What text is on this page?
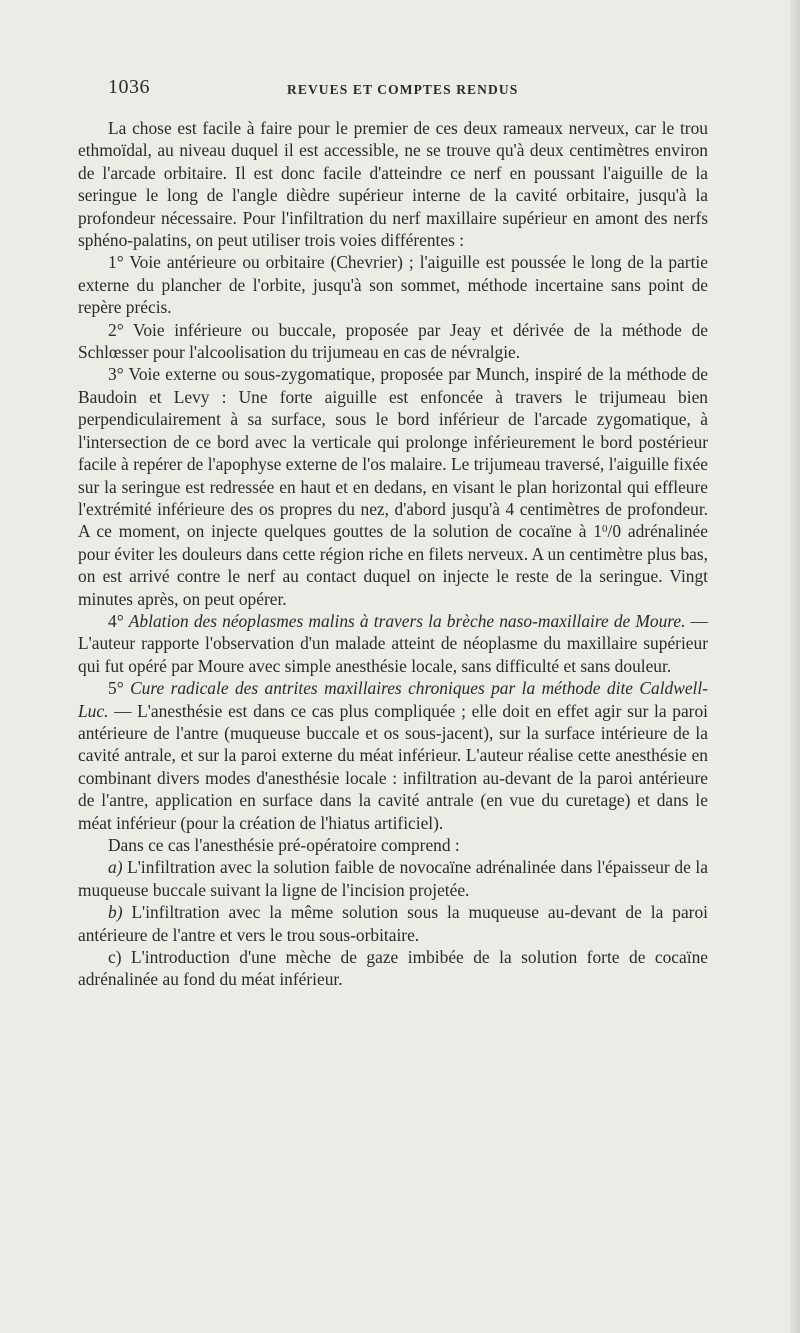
1036	REVUES ET COMPTES RENDUS

La chose est facile à faire pour le premier de ces deux rameaux nerveux, car le trou ethmoïdal, au niveau duquel il est accessible, ne se trouve qu'à deux centimètres environ de l'arcade orbitaire. Il est donc facile d'atteindre ce nerf en poussant l'aiguille de la seringue le long de l'angle dièdre supérieur interne de la cavité orbitaire, jusqu'à la profondeur nécessaire. Pour l'infiltration du nerf maxillaire supérieur en amont des nerfs sphéno-palatins, on peut utiliser trois voies différentes :

1° Voie antérieure ou orbitaire (Chevrier) ; l'aiguille est poussée le long de la partie externe du plancher de l'orbite, jusqu'à son sommet, méthode incertaine sans point de repère précis.

2° Voie inférieure ou buccale, proposée par Jeay et dérivée de la méthode de Schlœsser pour l'alcoolisation du trijumeau en cas de névralgie.

3° Voie externe ou sous-zygomatique, proposée par Munch, inspiré de la méthode de Baudoin et Levy : Une forte aiguille est enfoncée à travers le trijumeau bien perpendiculairement à sa surface, sous le bord inférieur de l'arcade zygomatique, à l'intersection de ce bord avec la verticale qui prolonge inférieurement le bord postérieur facile à repérer de l'apophyse externe de l'os malaire. Le trijumeau traversé, l'aiguille fixée sur la seringue est redressée en haut et en dedans, en visant le plan horizontal qui effleure l'extrémité inférieure des os propres du nez, d'abord jusqu'à 4 centimètres de profondeur. A ce moment, on injecte quelques gouttes de la solution de cocaïne à $1^0/0$ adrénalinée pour éviter les douleurs dans cette région riche en filets nerveux. A un centimètre plus bas, on est arrivé contre le nerf au contact duquel on injecte le reste de la seringue. Vingt minutes après, on peut opérer.

4° Ablation des néoplasmes malins à travers la brèche naso-maxillaire de Moure. — L'auteur rapporte l'observation d'un malade atteint de néoplasme du maxillaire supérieur qui fut opéré par Moure avec simple anesthésie locale, sans difficulté et sans douleur.

5° Cure radicale des antrites maxillaires chroniques par la méthode dite Caldwell-Luc. — L'anesthésie est dans ce cas plus compliquée ; elle doit en effet agir sur la paroi antérieure de l'antre (muqueuse buccale et os sous-jacent), sur la surface intérieure de la cavité antrale, et sur la paroi externe du méat inférieur. L'auteur réalise cette anesthésie en combinant divers modes d'anesthésie locale : infiltration au-devant de la paroi antérieure de l'antre, application en surface dans la cavité antrale (en vue du curetage) et dans le méat inférieur (pour la création de l'hiatus artificiel).

Dans ce cas l'anesthésie pré-opératoire comprend :

a) L'infiltration avec la solution faible de novocaïne adrénalinée dans l'épaisseur de la muqueuse buccale suivant la ligne de l'incision projetée.

b) L'infiltration avec la même solution sous la muqueuse au-devant de la paroi antérieure de l'antre et vers le trou sous-orbitaire.

c) L'introduction d'une mèche de gaze imbibée de la solution forte de cocaïne adrénalinée au fond du méat inférieur.
